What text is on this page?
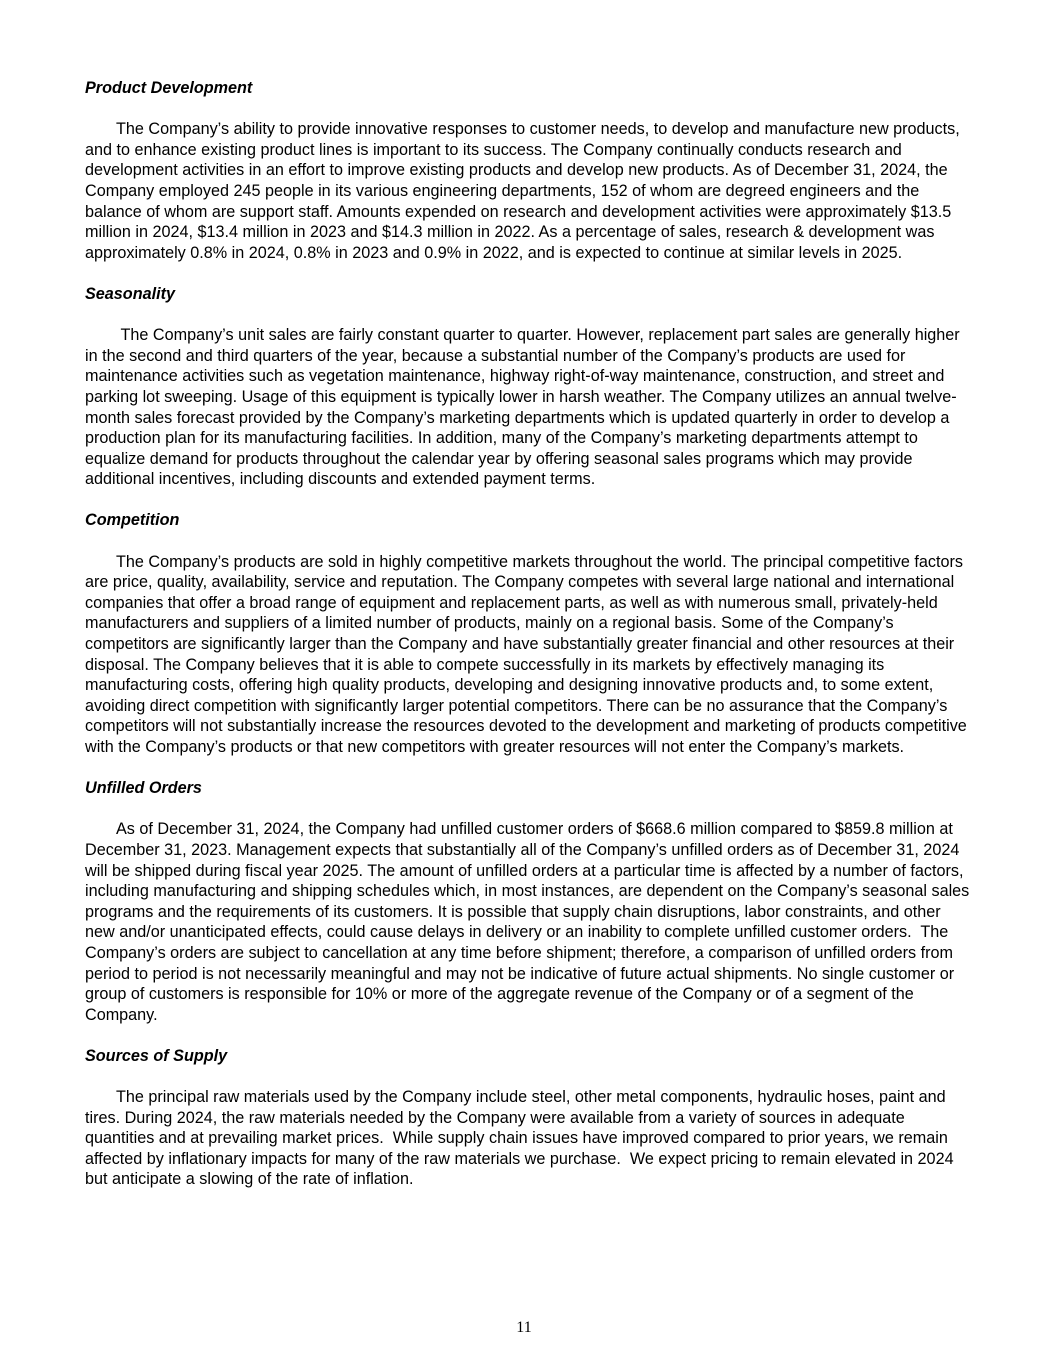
Product Development

The Company’s ability to provide innovative responses to customer needs, to develop and manufacture new products, and to enhance existing product lines is important to its success. The Company continually conducts research and development activities in an effort to improve existing products and develop new products. As of December 31, 2024, the Company employed 245 people in its various engineering departments, 152 of whom are degreed engineers and the balance of whom are support staff. Amounts expended on research and development activities were approximately $13.5 million in 2024, $13.4 million in 2023 and $14.3 million in 2022. As a percentage of sales, research & development was approximately 0.8% in 2024, 0.8% in 2023 and 0.9% in 2022, and is expected to continue at similar levels in 2025.

Seasonality

The Company’s unit sales are fairly constant quarter to quarter. However, replacement part sales are generally higher in the second and third quarters of the year, because a substantial number of the Company’s products are used for maintenance activities such as vegetation maintenance, highway right-of-way maintenance, construction, and street and parking lot sweeping. Usage of this equipment is typically lower in harsh weather. The Company utilizes an annual twelve-month sales forecast provided by the Company’s marketing departments which is updated quarterly in order to develop a production plan for its manufacturing facilities. In addition, many of the Company’s marketing departments attempt to equalize demand for products throughout the calendar year by offering seasonal sales programs which may provide additional incentives, including discounts and extended payment terms.

Competition

The Company’s products are sold in highly competitive markets throughout the world. The principal competitive factors are price, quality, availability, service and reputation. The Company competes with several large national and international companies that offer a broad range of equipment and replacement parts, as well as with numerous small, privately-held manufacturers and suppliers of a limited number of products, mainly on a regional basis. Some of the Company’s competitors are significantly larger than the Company and have substantially greater financial and other resources at their disposal. The Company believes that it is able to compete successfully in its markets by effectively managing its manufacturing costs, offering high quality products, developing and designing innovative products and, to some extent, avoiding direct competition with significantly larger potential competitors. There can be no assurance that the Company’s competitors will not substantially increase the resources devoted to the development and marketing of products competitive with the Company’s products or that new competitors with greater resources will not enter the Company’s markets.

Unfilled Orders

As of December 31, 2024, the Company had unfilled customer orders of $668.6 million compared to $859.8 million at December 31, 2023. Management expects that substantially all of the Company’s unfilled orders as of December 31, 2024 will be shipped during fiscal year 2025. The amount of unfilled orders at a particular time is affected by a number of factors, including manufacturing and shipping schedules which, in most instances, are dependent on the Company’s seasonal sales programs and the requirements of its customers. It is possible that supply chain disruptions, labor constraints, and other new and/or unanticipated effects, could cause delays in delivery or an inability to complete unfilled customer orders.  The Company’s orders are subject to cancellation at any time before shipment; therefore, a comparison of unfilled orders from period to period is not necessarily meaningful and may not be indicative of future actual shipments. No single customer or group of customers is responsible for 10% or more of the aggregate revenue of the Company or of a segment of the Company.

Sources of Supply

The principal raw materials used by the Company include steel, other metal components, hydraulic hoses, paint and tires. During 2024, the raw materials needed by the Company were available from a variety of sources in adequate quantities and at prevailing market prices.  While supply chain issues have improved compared to prior years, we remain affected by inflationary impacts for many of the raw materials we purchase.  We expect pricing to remain elevated in 2024 but anticipate a slowing of the rate of inflation.

11
